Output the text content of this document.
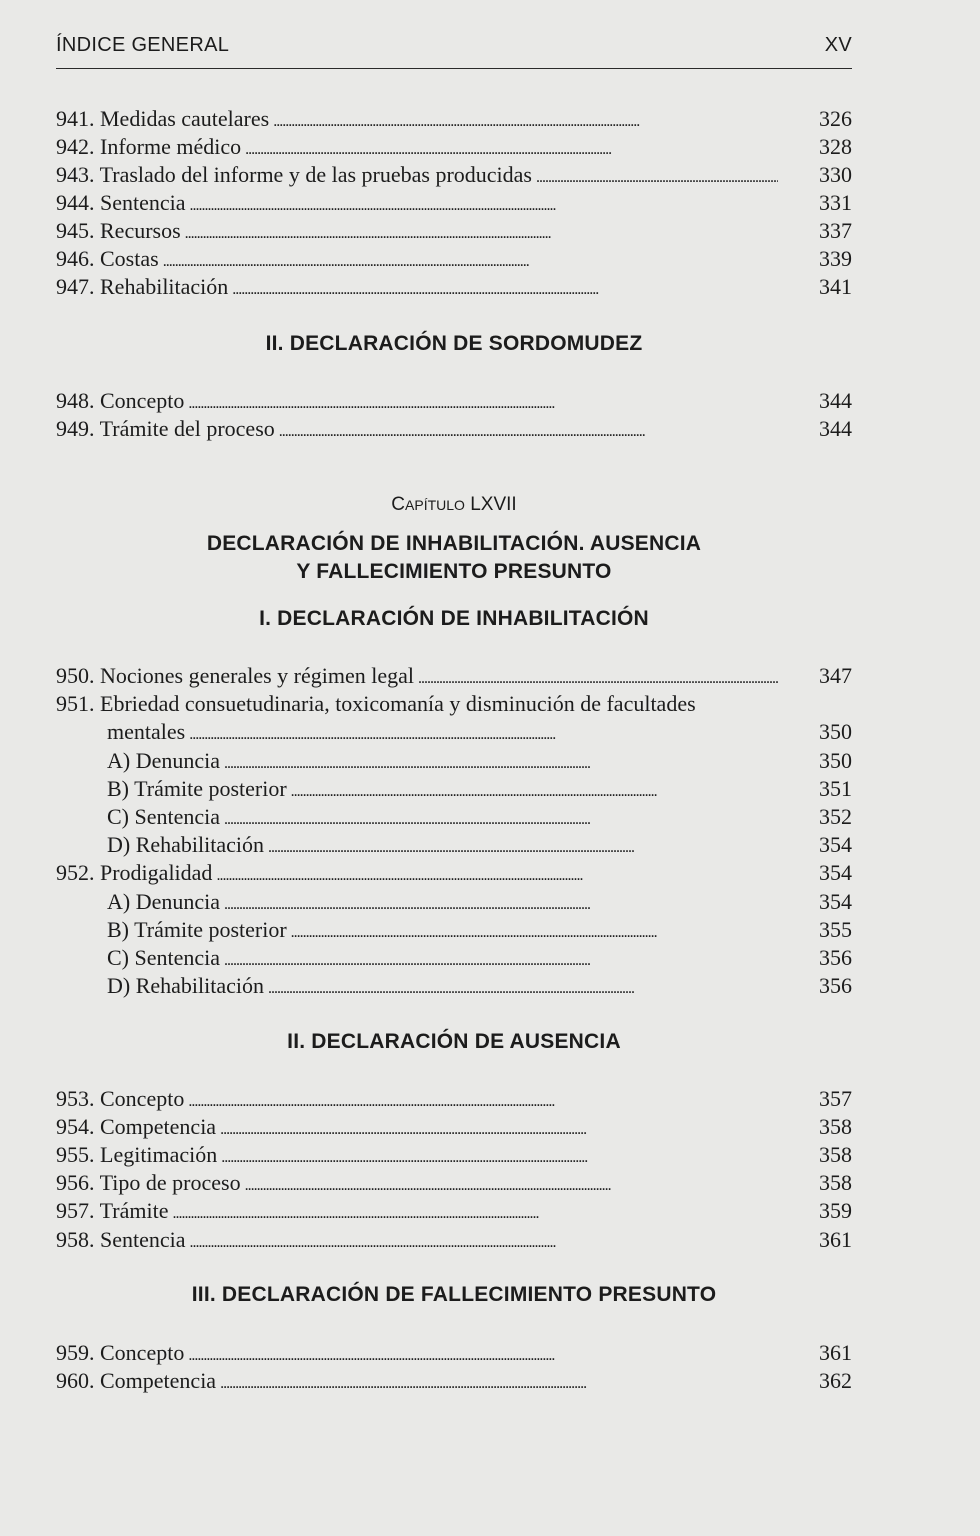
ÍNDICE GENERAL	XV
941. Medidas cautelares . . .	326
942. Informe médico . . .	328
943. Traslado del informe y de las pruebas producidas . . .	330
944. Sentencia . . .	331
945. Recursos . . .	337
946. Costas . . .	339
947. Rehabilitación . . .	341
II. DECLARACIÓN DE SORDOMUDEZ
948. Concepto . . .	344
949. Trámite del proceso . . .	344
CAPÍTULO LXVII
DECLARACIÓN DE INHABILITACIÓN. AUSENCIA
Y FALLECIMIENTO PRESUNTO
I. DECLARACIÓN DE INHABILITACIÓN
950. Nociones generales y régimen legal . . .	347
951. Ebriedad consuetudinaria, toxicomanía y disminución de facultades
mentales . . .	350
A) Denuncia . . .	350
B) Trámite posterior . . .	351
C) Sentencia . . .	352
D) Rehabilitación . . .	354
952. Prodigalidad . . .	354
A) Denuncia . . .	354
B) Trámite posterior . . .	355
C) Sentencia . . .	356
D) Rehabilitación . . .	356
II. DECLARACIÓN DE AUSENCIA
953. Concepto . . .	357
954. Competencia . . .	358
955. Legitimación . . .	358
956. Tipo de proceso . . .	358
957. Trámite . . .	359
958. Sentencia . . .	361
III. DECLARACIÓN DE FALLECIMIENTO PRESUNTO
959. Concepto . . .	361
960. Competencia . . .	362
